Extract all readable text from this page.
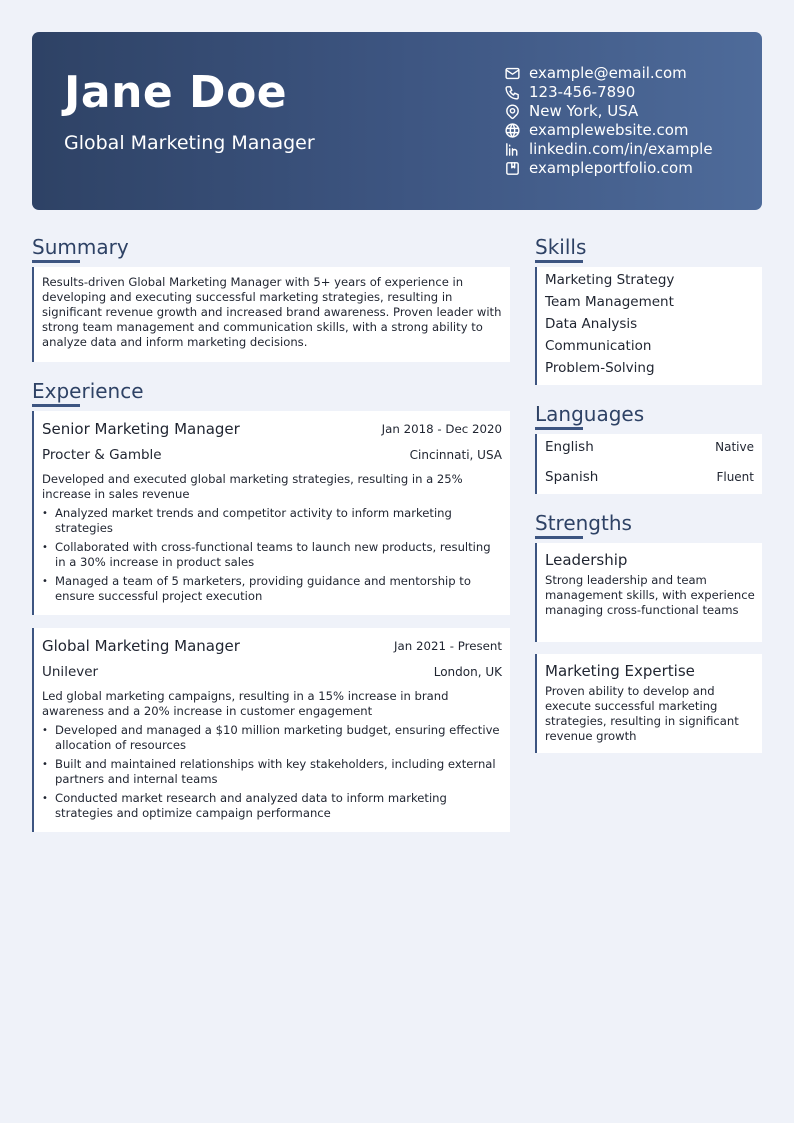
Jane Doe
Global Marketing Manager
example@email.com
123-456-7890
New York, USA
examplewebsite.com
linkedin.com/in/example
exampleportfolio.com
Summary
Results-driven Global Marketing Manager with 5+ years of experience in developing and executing successful marketing strategies, resulting in significant revenue growth and increased brand awareness. Proven leader with strong team management and communication skills, with a strong ability to analyze data and inform marketing decisions.
Experience
Senior Marketing Manager	Jan 2018 - Dec 2020
Procter & Gamble	Cincinnati, USA
Developed and executed global marketing strategies, resulting in a 25% increase in sales revenue
• Analyzed market trends and competitor activity to inform marketing strategies
• Collaborated with cross-functional teams to launch new products, resulting in a 30% increase in product sales
• Managed a team of 5 marketers, providing guidance and mentorship to ensure successful project execution
Global Marketing Manager	Jan 2021 - Present
Unilever	London, UK
Led global marketing campaigns, resulting in a 15% increase in brand awareness and a 20% increase in customer engagement
• Developed and managed a $10 million marketing budget, ensuring effective allocation of resources
• Built and maintained relationships with key stakeholders, including external partners and internal teams
• Conducted market research and analyzed data to inform marketing strategies and optimize campaign performance
Skills
Marketing Strategy
Team Management
Data Analysis
Communication
Problem-Solving
Languages
English	Native
Spanish	Fluent
Strengths
Leadership
Strong leadership and team management skills, with experience managing cross-functional teams
Marketing Expertise
Proven ability to develop and execute successful marketing strategies, resulting in significant revenue growth
